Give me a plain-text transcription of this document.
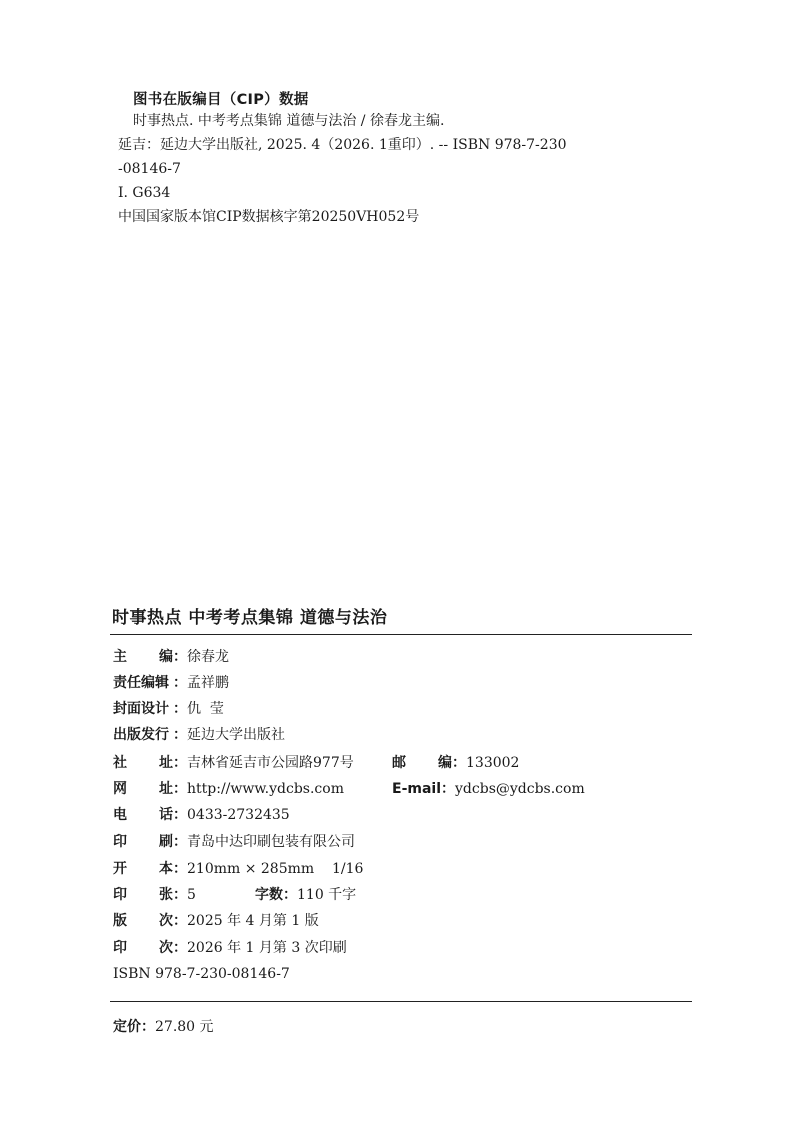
图书在版编目（CIP）数据
时事热点. 中考考点集锦 道德与法治 / 徐春龙主编.
延吉：延边大学出版社, 2025. 4（2026. 1重印）. -- ISBN 978-7-230
-08146-7
Ⅰ. G634
中国国家版本馆CIP数据核字第20250VH052号
时事热点 中考考点集锦 道德与法治
主 编 ：徐春龙
责任编辑 ：孟祥鹏
封面设计 ：仇  莹
出版发行 ：延边大学出版社
社 址 ：吉林省延吉市公园路977号	邮 编 ：133002
网 址 ：http://www.ydcbs.com	E-mail：ydcbs@ydcbs.com
电 话 ：0433-2732435
印 刷 ：青岛中达印刷包装有限公司
开 本 ：210mm × 285mm    1/16
印 张 ：5	字数：110 千字
版 次 ：2025 年 4 月第 1 版
印 次 ：2026 年 1 月第 3 次印刷
ISBN 978-7-230-08146-7
定价：27.80 元
